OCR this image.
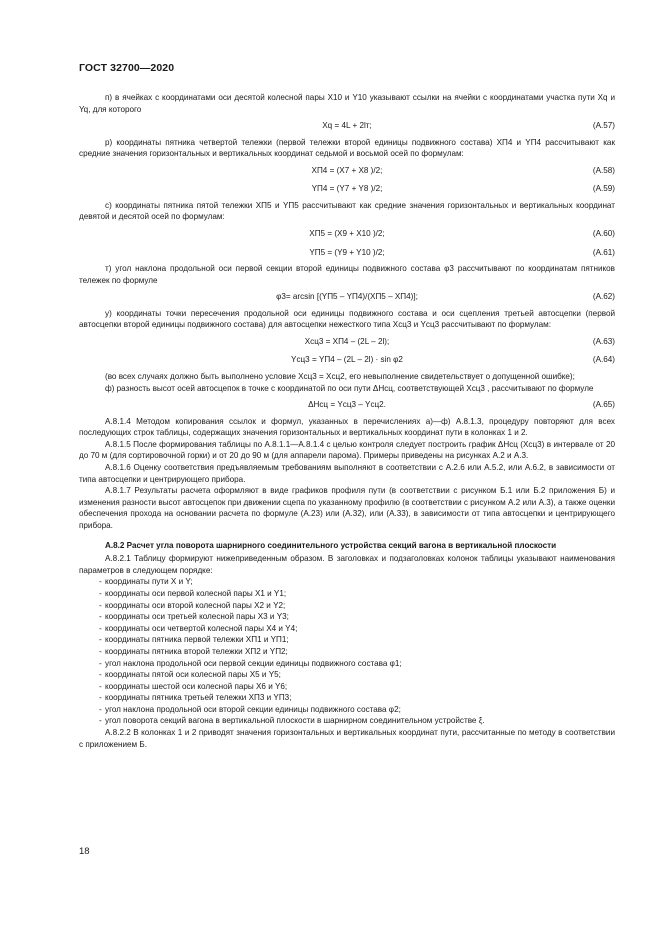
ГОСТ 32700—2020

п) в ячейках с координатами оси десятой колесной пары X10 и Y10 указывают ссылки на ячейки с координатами участка пути Xq и Yq, для которого

Xq = 4L + 2lт;	(А.57)

р) координаты пятника четвертой тележки (первой тележки второй единицы подвижного состава) XП4 и YП4 рассчитывают как средние значения горизонтальных и вертикальных координат седьмой и восьмой осей по формулам:

XП4 = (X7 + X8 )/2;	(А.58)
YП4 = (Y7 + Y8 )/2;	(А.59)

с) координаты пятника пятой тележки XП5 и YП5 рассчитывают как средние значения горизонтальных и вертикальных координат девятой и десятой осей по формулам:

XП5 = (X9 + X10 )/2;	(А.60)
YП5 = (Y9 + Y10 )/2;	(А.61)

т) угол наклона продольной оси первой секции второй единицы подвижного состава φ3 рассчитывают по координатам пятников тележек по формуле

φ3= arcsin [(YП5 – YП4)/(XП5 – XП4)];	(А.62)

у) координаты точки пересечения продольной оси единицы подвижного состава и оси сцепления третьей автосцепки (первой автосцепки второй единицы подвижного состава) для автосцепки нежесткого типа Xсц3 и Yсц3 рассчитывают по формулам:

Xсц3 = XП4 – (2L – 2l);	(А.63)
Yсц3 = YП4 – (2L – 2l) · sin φ2	(А.64)

(во всех случаях должно быть выполнено условие Xсц3 = Xсц2, его невыполнение свидетельствует о допущенной ошибке);

ф) разность высот осей автосцепок в точке с координатой по оси пути ΔHсц, соответствующей Xсц3 , рассчитывают по формуле

ΔHсц = Yсц3 – Yсц2.	(А.65)

А.8.1.4 Методом копирования ссылок и формул, указанных в перечислениях а)—ф) А.8.1.3, процедуру повторяют для всех последующих строк таблицы, содержащих значения горизонтальных и вертикальных координат пути в колонках 1 и 2.

А.8.1.5 После формирования таблицы по А.8.1.1—А.8.1.4 с целью контроля следует построить график ΔHсц (Xсц3) в интервале от 20 до 70 м (для сортировочной горки) и от 20 до 90 м (для аппарели парома). Примеры приведены на рисунках А.2 и А.3.

А.8.1.6 Оценку соответствия предъявляемым требованиям выполняют в соответствии с А.2.6 или А.5.2, или А.6.2, в зависимости от типа автосцепки и центрирующего прибора.

А.8.1.7 Результаты расчета оформляют в виде графиков профиля пути (в соответствии с рисунком Б.1 или Б.2 приложения Б) и изменения разности высот автосцепок при движении сцепа по указанному профилю (в соответствии с рисунком А.2 или А.3), а также оценки обеспечения прохода на основании расчета по формуле (А.23) или (А.32), или (А.33), в зависимости от типа автосцепки и центрирующего прибора.

А.8.2 Расчет угла поворота шарнирного соединительного устройства секций вагона в вертикальной плоскости

А.8.2.1 Таблицу формируют нижеприведенным образом. В заголовках и подзаголовках колонок таблицы указывают наименования параметров в следующем порядке:

- координаты пути X и Y;
- координаты оси первой колесной пары X1 и Y1;
- координаты оси второй колесной пары X2 и Y2;
- координаты оси третьей колесной пары X3 и Y3;
- координаты оси четвертой колесной пары X4 и Y4;
- координаты пятника первой тележки XП1 и YП1;
- координаты пятника второй тележки XП2 и YП2;
- угол наклона продольной оси первой секции единицы подвижного состава φ1;
- координаты пятой оси колесной пары X5 и Y5;
- координаты шестой оси колесной пары X6 и Y6;
- координаты пятника третьей тележки XП3 и YП3;
- угол наклона продольной оси второй секции единицы подвижного состава φ2;
- угол поворота секций вагона в вертикальной плоскости в шарнирном соединительном устройстве ξ.

А.8.2.2 В колонках 1 и 2 приводят значения горизонтальных и вертикальных координат пути, рассчитанные по методу в соответствии с приложением Б.

18
